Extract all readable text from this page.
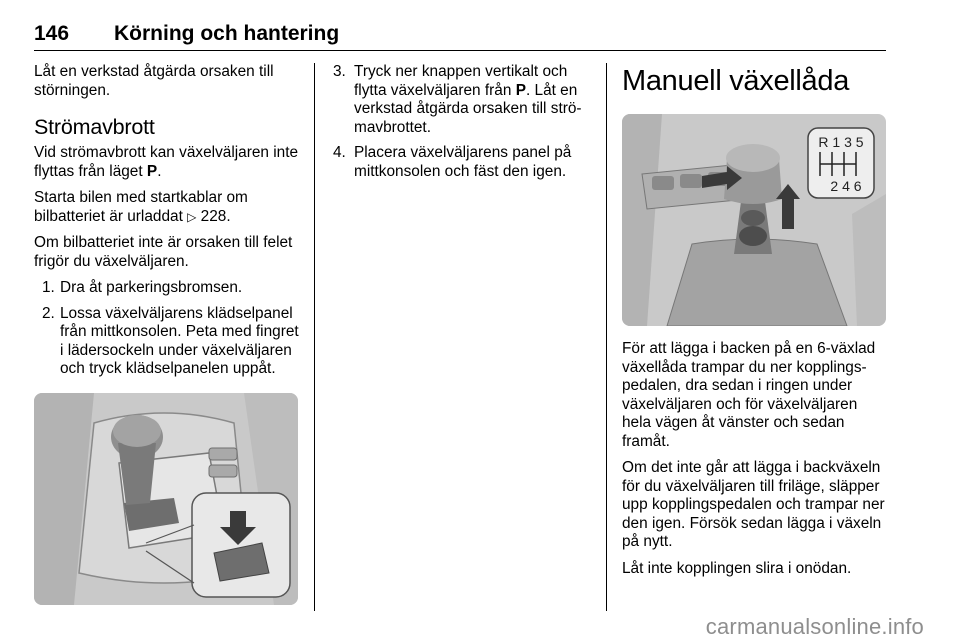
146 Körning och hantering

Låt en verkstad åtgärda orsaken till störningen.

Strömavbrott

Vid strömavbrott kan växelväljaren inte flyttas från läget P.

Starta bilen med startkablar om bilbatteriet är urladdat ▷ 228.

Om bilbatteriet inte är orsaken till felet frigör du växelväljaren.

1. Dra åt parkeringsbromsen.
2. Lossa växelväljarens klädselpanel från mittkonsolen. Peta med fingret i lädersockeln under växelväljaren och tryck klädselpanelen uppåt.
3. Tryck ner knappen vertikalt och flytta växelväljaren från P. Låt en verkstad åtgärda orsaken till strömavbrottet.
4. Placera växelväljarens panel på mittkonsolen och fäst den igen.
Manuell växellåda
R 1 3 5
2 4 6

För att lägga i backen på en 6-växlad växellåda trampar du ner kopplingspedalen, dra sedan i ringen under växelväljaren och för växelväljaren hela vägen åt vänster och sedan framåt.

Om det inte går att lägga i backväxeln för du växelväljaren till friläge, släpper upp kopplingspedalen och trampar ner den igen. Försök sedan lägga i växeln på nytt.

Låt inte kopplingen slira i onödan.

carmanualsonline.info
